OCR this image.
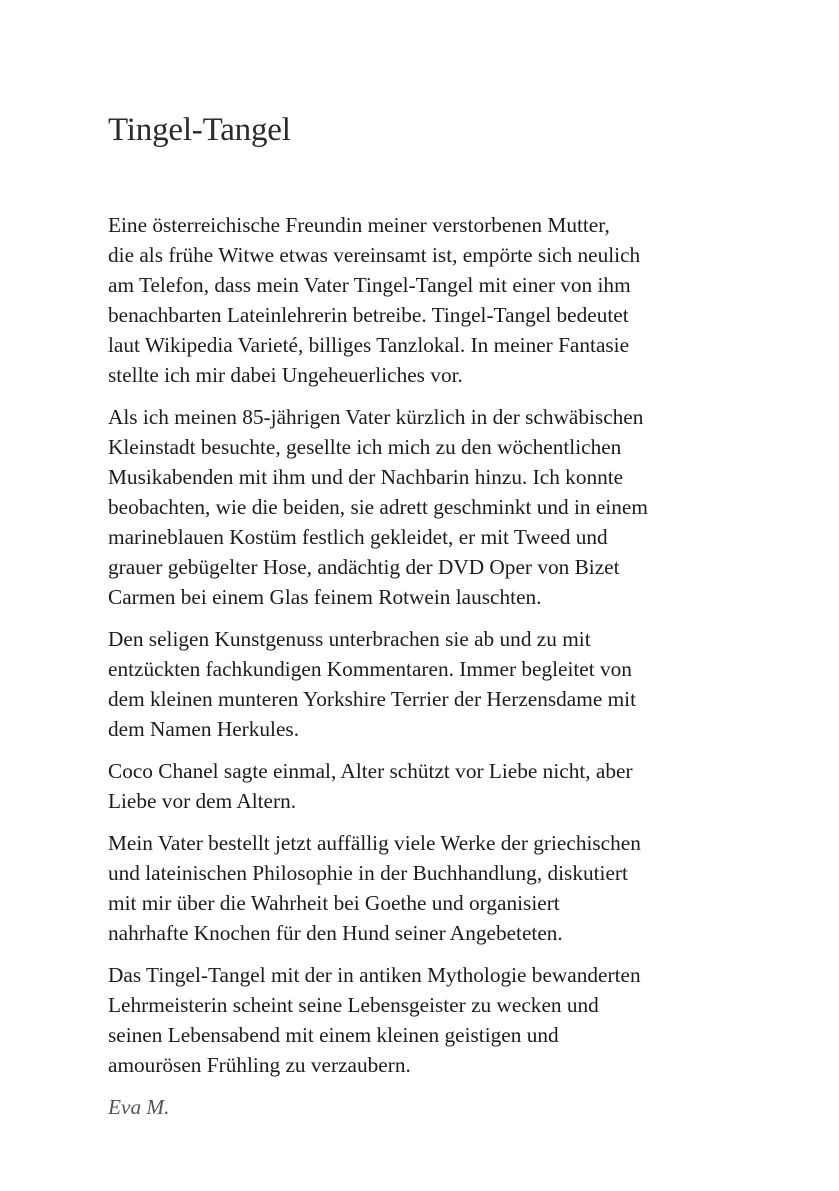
Tingel-Tangel

Eine österreichische Freundin meiner verstorbenen Mutter,
die als frühe Witwe etwas vereinsamt ist, empörte sich neulich
am Telefon, dass mein Vater Tingel-Tangel mit einer von ihm
benachbarten Lateinlehrerin betreibe. Tingel-Tangel bedeutet
laut Wikipedia Varieté, billiges Tanzlokal. In meiner Fantasie
stellte ich mir dabei Ungeheuerliches vor.

Als ich meinen 85-jährigen Vater kürzlich in der schwäbischen
Kleinstadt besuchte, gesellte ich mich zu den wöchentlichen
Musikabenden mit ihm und der Nachbarin hinzu. Ich konnte
beobachten, wie die beiden, sie adrett geschminkt und in einem
marineblauen Kostüm festlich gekleidet, er mit Tweed und
grauer gebügelter Hose, andächtig der DVD Oper von Bizet
Carmen bei einem Glas feinem Rotwein lauschten.

Den seligen Kunstgenuss unterbrachen sie ab und zu mit
entzückten fachkundigen Kommentaren. Immer begleitet von
dem kleinen munteren Yorkshire Terrier der Herzensdame mit
dem Namen Herkules.

Coco Chanel sagte einmal, Alter schützt vor Liebe nicht, aber
Liebe vor dem Altern.

Mein Vater bestellt jetzt auffällig viele Werke der griechischen
und lateinischen Philosophie in der Buchhandlung, diskutiert
mit mir über die Wahrheit bei Goethe und organisiert
nahrhafte Knochen für den Hund seiner Angebeteten.

Das Tingel-Tangel mit der in antiken Mythologie bewanderten
Lehrmeisterin scheint seine Lebensgeister zu wecken und
seinen Lebensabend mit einem kleinen geistigen und
amourösen Frühling zu verzaubern.

Eva M.
